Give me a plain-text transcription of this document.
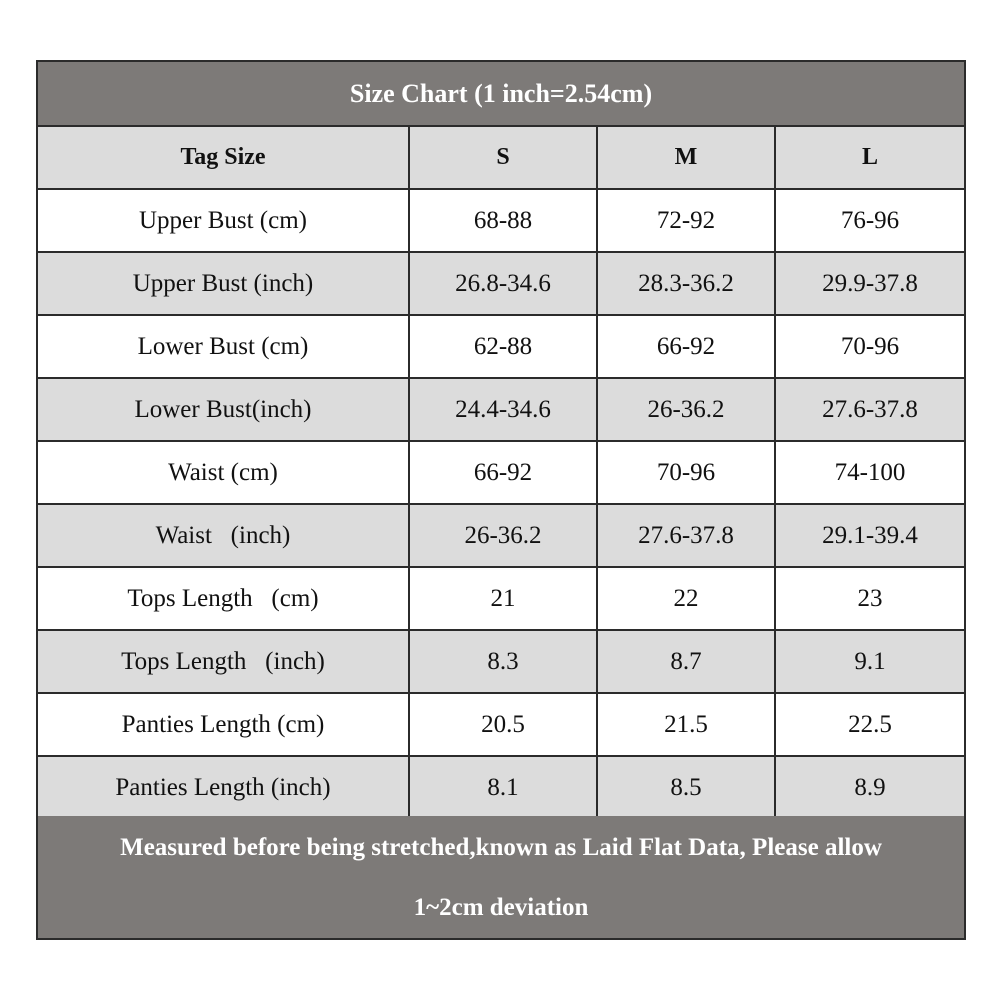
Size Chart (1 inch=2.54cm)
Tag Size	S	M	L
Upper Bust (cm)	68-88	72-92	76-96
Upper Bust (inch)	26.8-34.6	28.3-36.2	29.9-37.8
Lower Bust (cm)	62-88	66-92	70-96
Lower Bust(inch)	24.4-34.6	26-36.2	27.6-37.8
Waist (cm)	66-92	70-96	74-100
Waist   (inch)	26-36.2	27.6-37.8	29.1-39.4
Tops Length   (cm)	21	22	23
Tops Length   (inch)	8.3	8.7	9.1
Panties Length (cm)	20.5	21.5	22.5
Panties Length (inch)	8.1	8.5	8.9
Measured before being stretched,known as Laid Flat Data, Please allow
1~2cm deviation
